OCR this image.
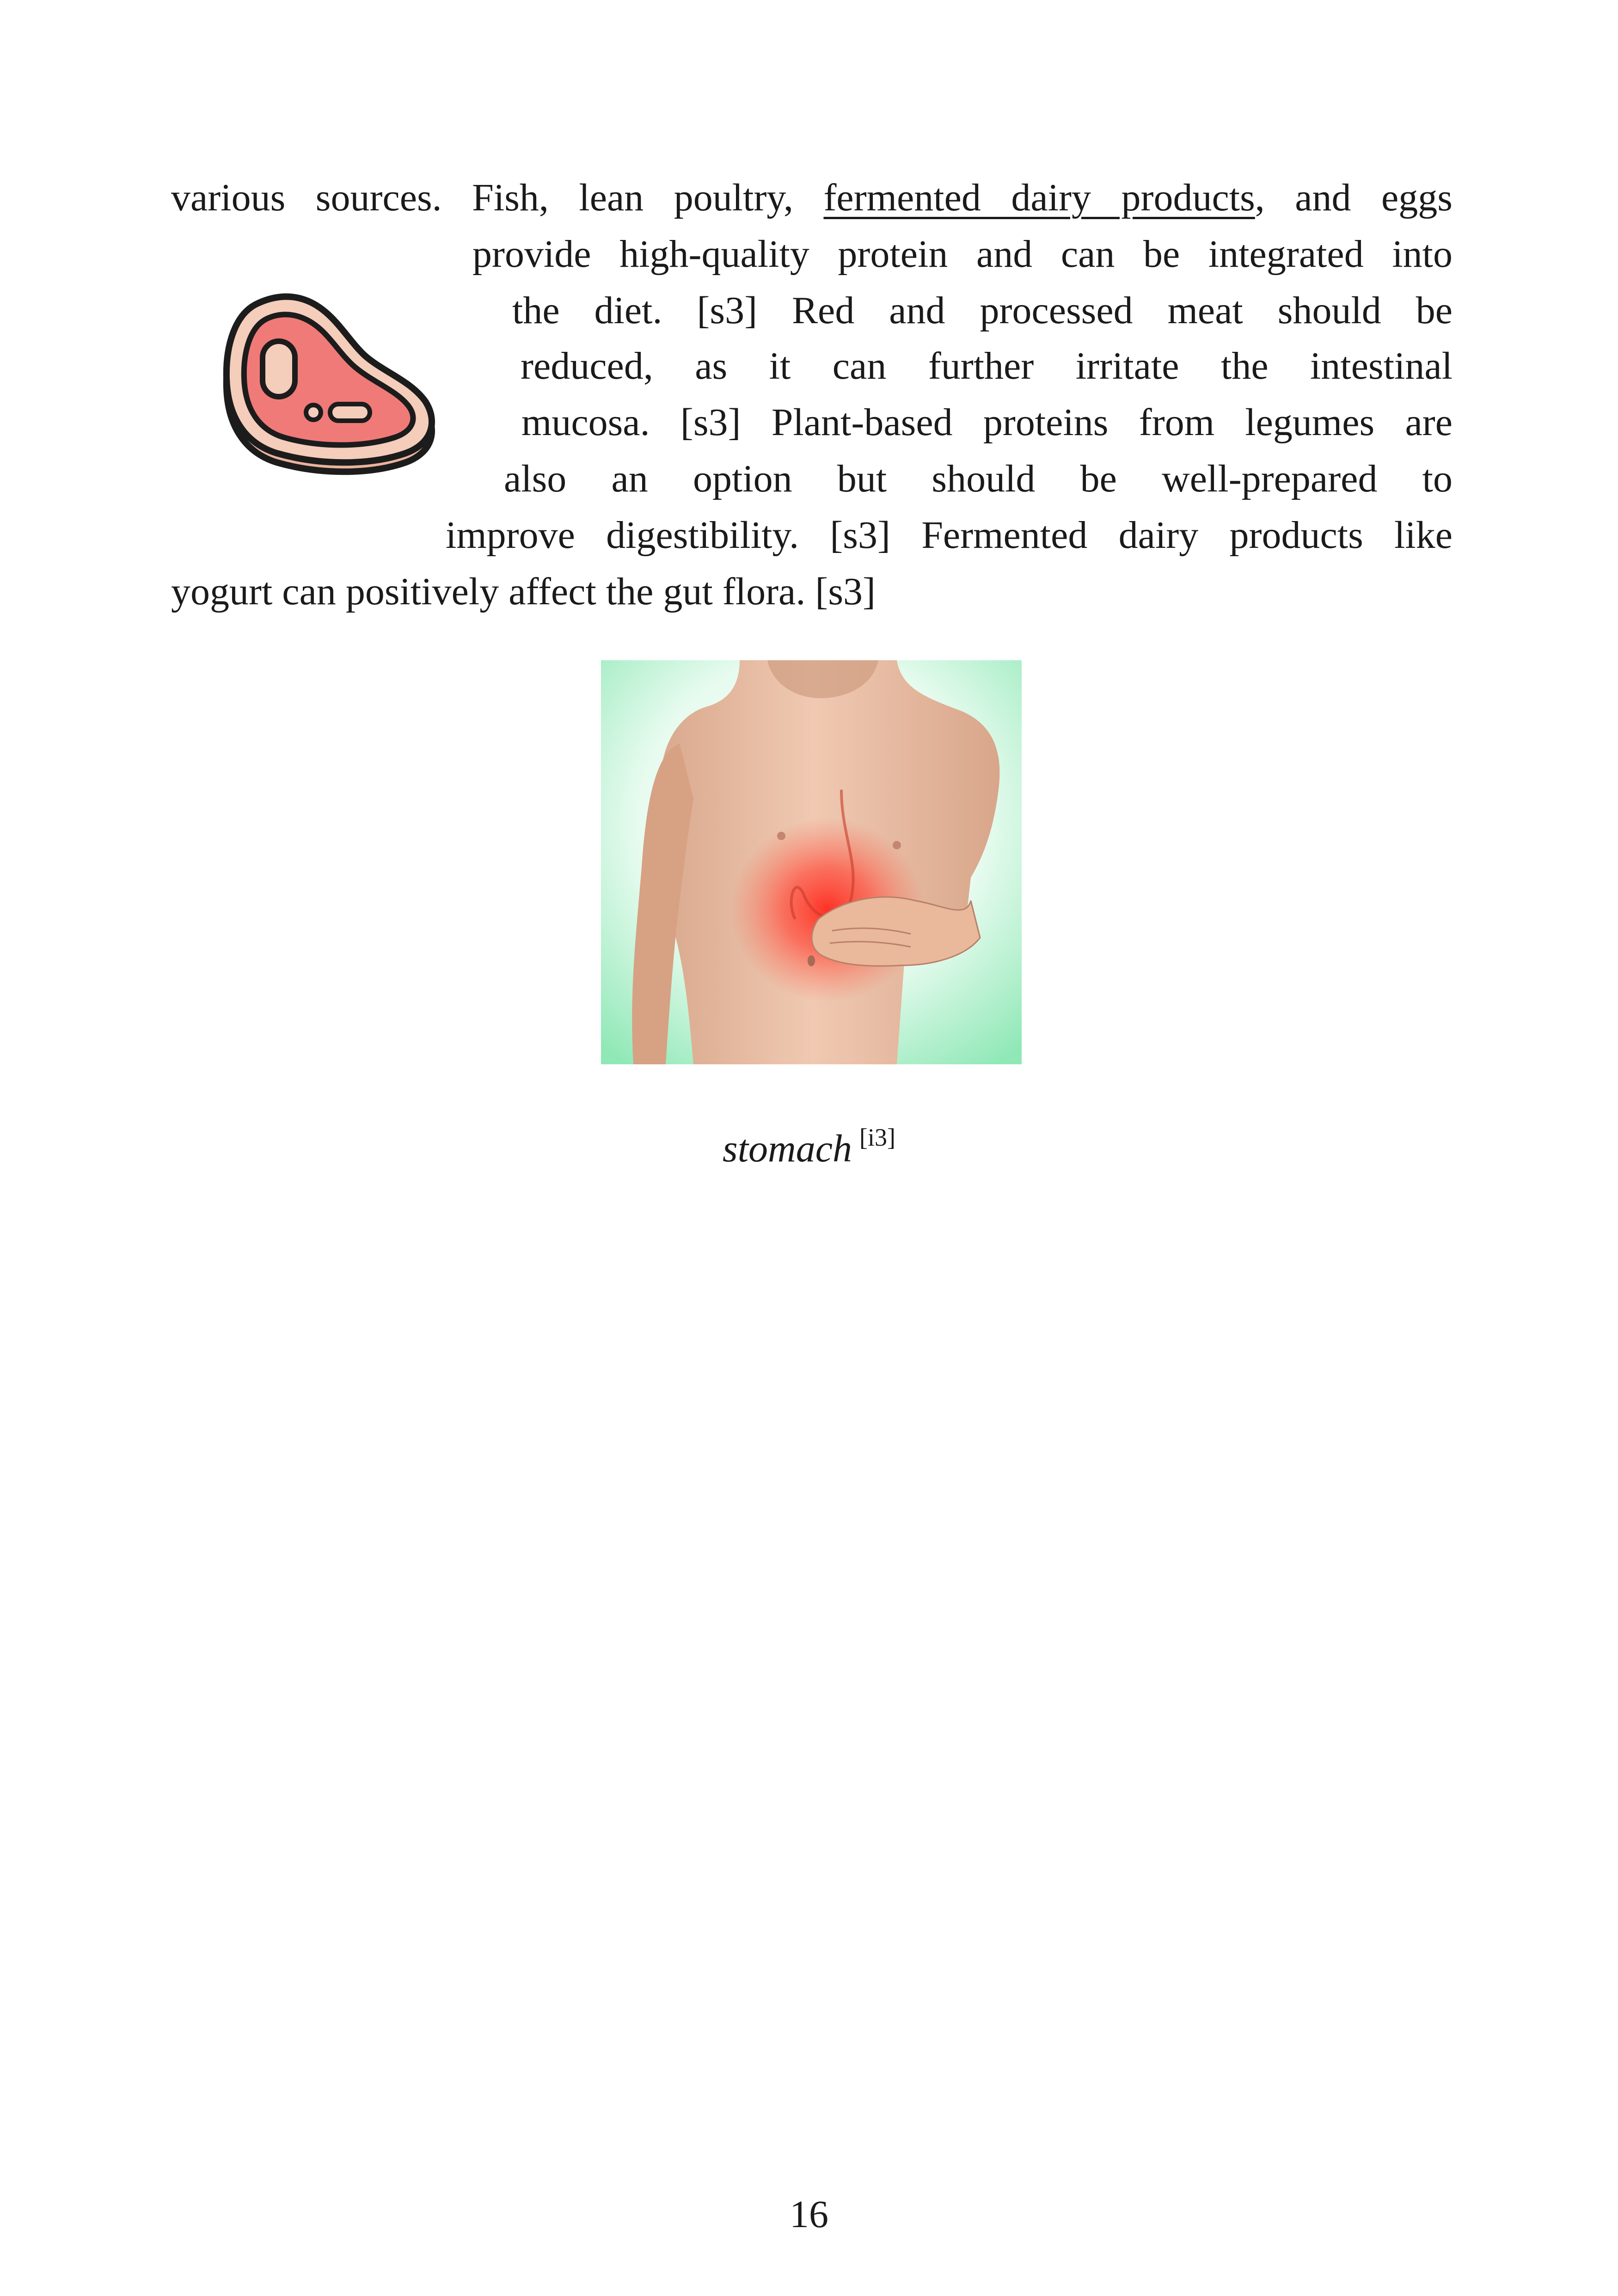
various sources. Fish, lean poultry, fermented dairy products, and eggs
provide high-quality protein and can be integrated into
the diet. [s3] Red and processed meat should be
reduced, as it can further irritate the intestinal
mucosa. [s3] Plant-based proteins from legumes are
also an option but should be well-prepared to
improve digestibility. [s3] Fermented dairy products like
yogurt can positively affect the gut flora. [s3]
stomach [i3]
16
